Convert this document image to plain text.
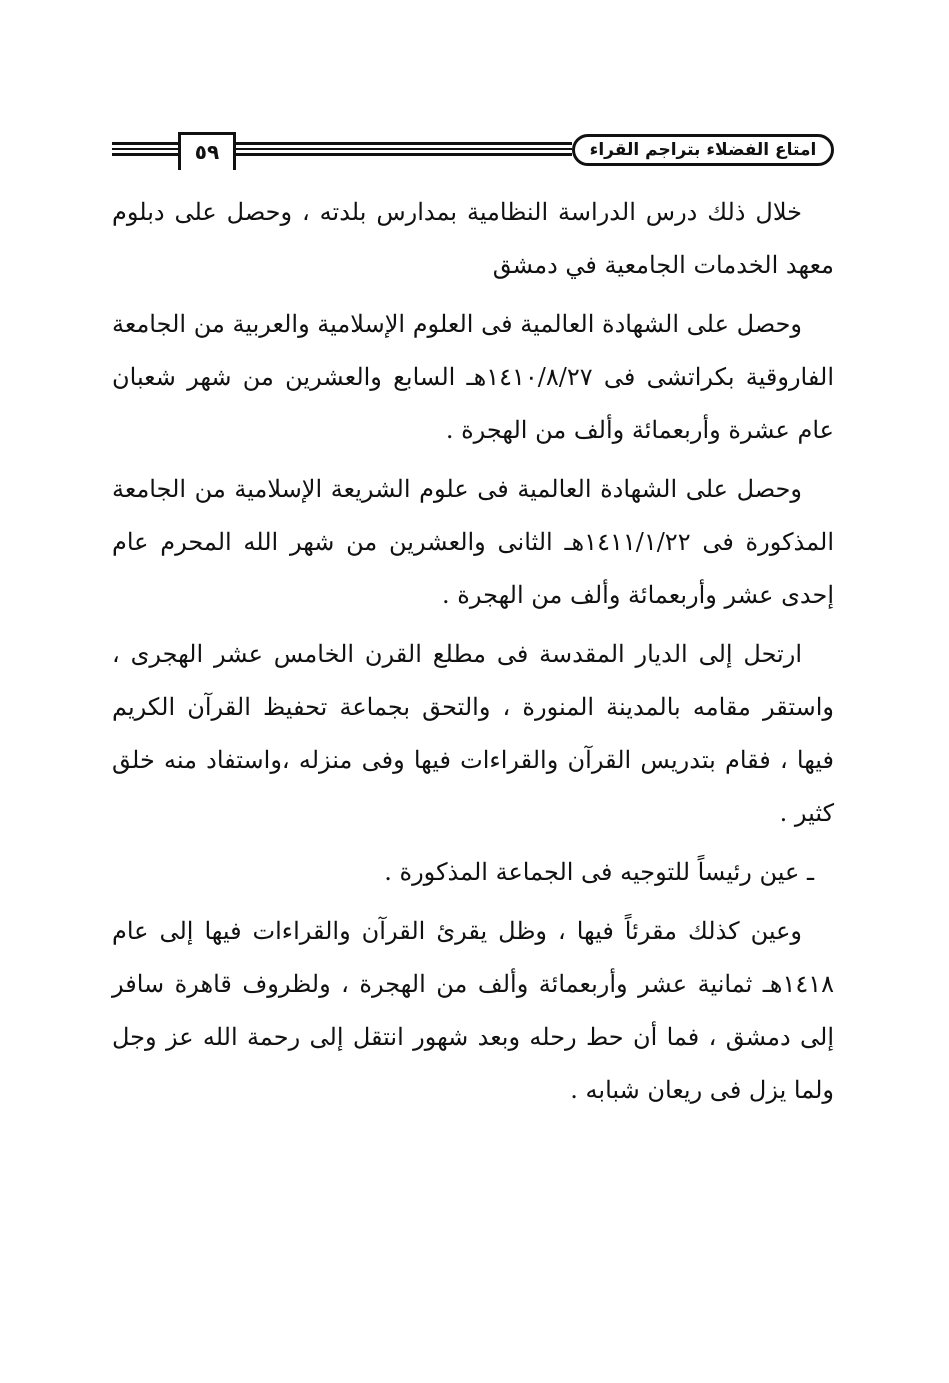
٥٩	امتاع الفضلاء بتراجم القراء

خلال ذلك درس الدراسة النظامية بمدارس بلدته ، وحصل على دبلوم معهد الخدمات الجامعية في دمشق

وحصل على الشهادة العالمية فى العلوم الإسلامية والعربية من الجامعة الفاروقية بكراتشى فى ١٤١٠/٨/٢٧هـ السابع والعشرين من شهر شعبان عام عشرة وأربعمائة وألف من الهجرة .

وحصل على الشهادة العالمية فى علوم الشريعة الإسلامية من الجامعة المذكورة فى ١٤١١/١/٢٢هـ الثانى والعشرين من شهر الله المحرم عام إحدى عشر وأربعمائة وألف من الهجرة .

ارتحل إلى الديار المقدسة فى مطلع القرن الخامس عشر الهجرى ، واستقر مقامه بالمدينة المنورة ، والتحق بجماعة تحفيظ القرآن الكريم فيها ، فقام بتدريس القرآن والقراءات فيها وفى منزله ،واستفاد منه خلق كثير .

ـ عين رئيساً للتوجيه فى الجماعة المذكورة .

وعين كذلك مقرئاً فيها ، وظل يقرئ القرآن والقراءات فيها إلى عام ١٤١٨هـ ثمانية عشر وأربعمائة وألف من الهجرة ، ولظروف قاهرة سافر إلى دمشق ، فما أن حط رحله وبعد شهور انتقل إلى رحمة الله عز وجل ولما يزل فى ريعان شبابه .
